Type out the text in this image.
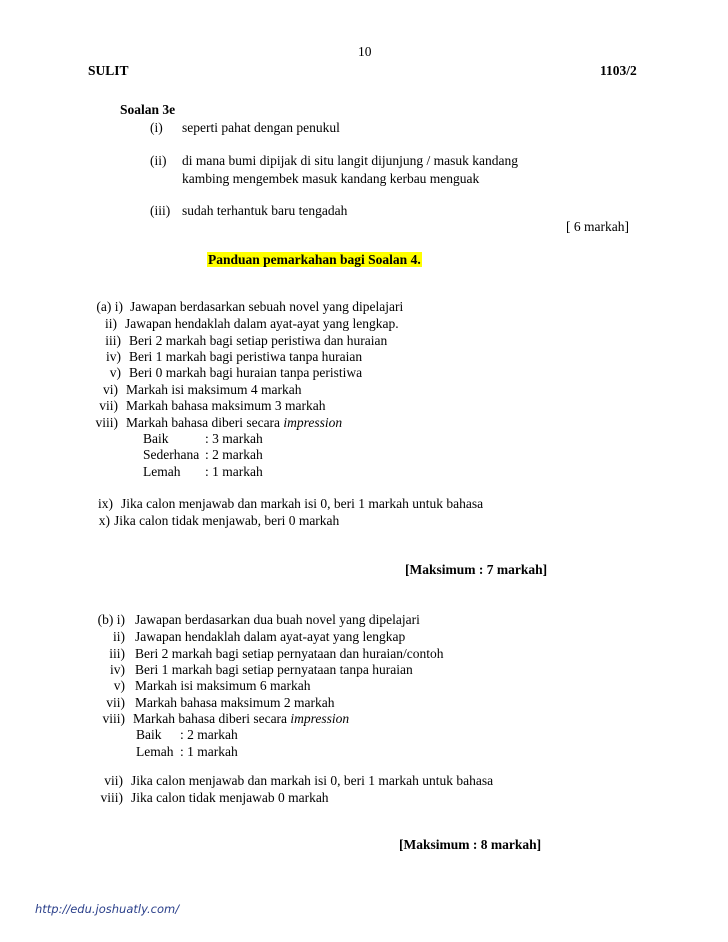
10
SULIT	1103/2
Soalan 3e
(i) seperti pahat dengan penukul
(ii) di mana bumi dipijak di situ langit dijunjung / masuk kandang
kambing mengembek masuk kandang kerbau menguak
(iii) sudah terhantuk baru tengadah
[ 6 markah]
Panduan pemarkahan bagi Soalan 4.
(a) i) Jawapan berdasarkan sebuah novel yang dipelajari
ii) Jawapan hendaklah dalam ayat-ayat yang lengkap.
iii) Beri 2 markah bagi setiap peristiwa dan huraian
iv) Beri 1 markah bagi peristiwa tanpa huraian
v) Beri 0 markah bagi huraian tanpa peristiwa
vi) Markah isi maksimum 4 markah
vii) Markah bahasa maksimum 3 markah
viii) Markah bahasa diberi secara impression
Baik	: 3 markah
Sederhana : 2 markah
Lemah : 1 markah
ix) Jika calon menjawab dan markah isi 0, beri 1 markah untuk bahasa
x) Jika calon tidak menjawab, beri 0 markah
[Maksimum : 7 markah]
(b) i) Jawapan berdasarkan dua buah novel yang dipelajari
ii) Jawapan hendaklah dalam ayat-ayat yang lengkap
iii) Beri 2 markah bagi setiap pernyataan dan huraian/contoh
iv) Beri 1 markah bagi setiap pernyataan tanpa huraian
v) Markah isi maksimum 6 markah
vii) Markah bahasa maksimum 2 markah
viii) Markah bahasa diberi secara impression
Baik : 2 markah
Lemah : 1 markah
vii) Jika calon menjawab dan markah isi 0, beri 1 markah untuk bahasa
viii) Jika calon tidak menjawab 0 markah
[Maksimum : 8 markah]
http://edu.joshuatly.com/
